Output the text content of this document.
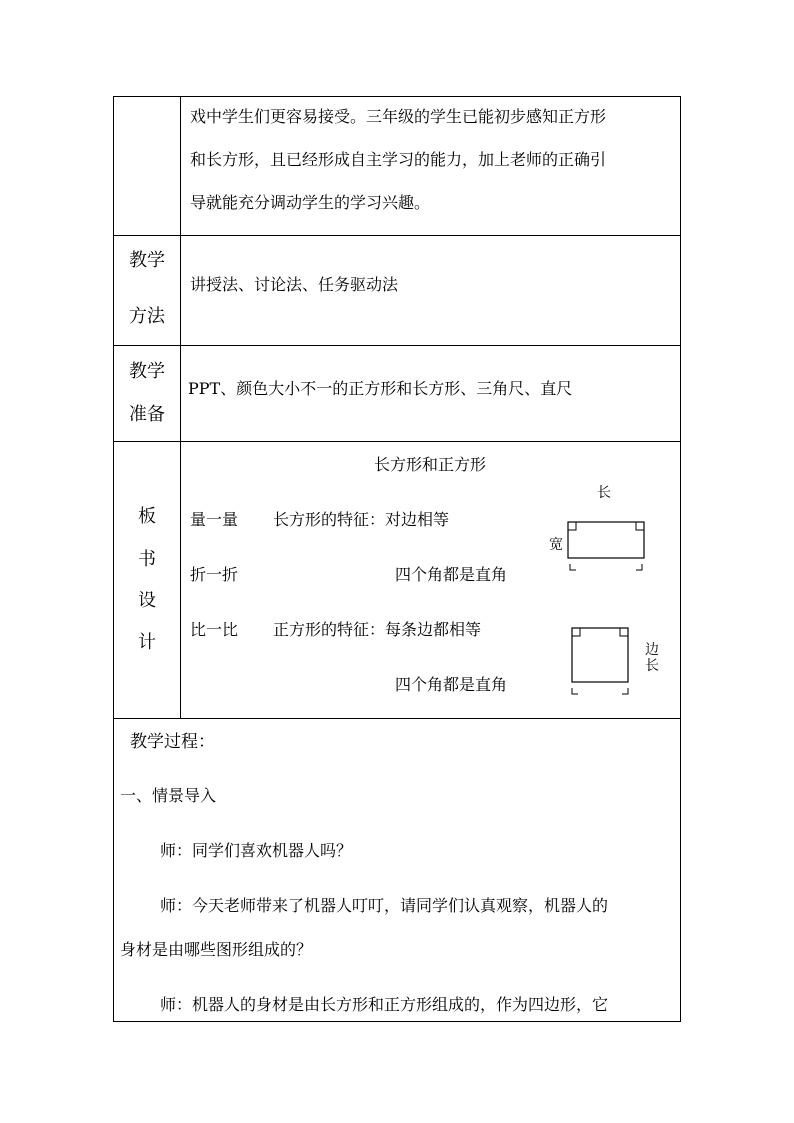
戏中学生们更容易接受。三年级的学生已能初步感知正方形
和长方形，且已经形成自主学习的能力，加上老师的正确引
导就能充分调动学生的学习兴趣。
教学
方法
讲授法、讨论法、任务驱动法
教学
准备
PPT、颜色大小不一的正方形和长方形、三角尺、直尺
板
书
设
计
长方形和正方形
量一量 长方形的特征：对边相等
折一折	四个角都是直角
比一比 正方形的特征：每条边都相等
四个角都是直角
长
宽
边
长
教学过程：
一、情景导入
师：同学们喜欢机器人吗？
师：今天老师带来了机器人叮叮，请同学们认真观察，机器人的
身材是由哪些图形组成的？
师：机器人的身材是由长方形和正方形组成的，作为四边形，它
